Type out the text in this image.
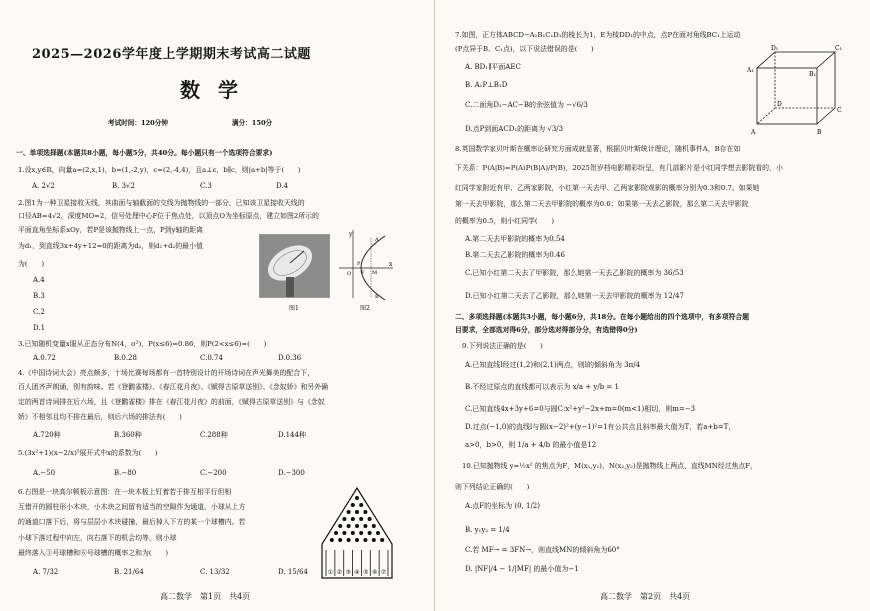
2025—2026学年度上学期期末考试高二试题
数学
考试时间：120分钟	满分：150分
一、单项选择题(本题共8小题，每小题5分，共40分。每小题只有一个选项符合要求)
1.设x,y∈R，向量a=(2,x,1)，b=(1,-2,y)，c=(2,-4,4)，且a⊥c，b∥c，则|a+b|等于(　　)
A. 2√2	B. 3√2	C.3	D.4
2.图1为一种卫星接收天线，其曲面与轴截面的交线为抛物线的一部分，已知该卫星接收天线的
口径AB=4√2，深度MO=2，信号处理中心F位于焦点处，以顶点O为坐标原点，建立如图2所示的
平面直角坐标系xOy，若P是该抛物线上一点，P到y轴的距离
为d₁，到直线3x+4y+12=0的距离为d₂，则d₁+d₂的最小值
为(　　)
A.4
B.3
C.2
D.1
图1
y
x
O F M
P
A
B
图2
3.已知随机变量x服从正态分布N(4，σ²)，P(x≤6)=0.86，则P(2<x≤6)=(　　)
A.0.72	B.0.28	C.0.74	D.0.36
4.《中国诗词大会》亮点颇多，十场比赛每场都有一首特别设计的开场诗词在声光舞美的配合下，
百人团齐声朗诵，别有韵味。若《登鹳雀楼》、《春江花月夜》、《赋得古原草送别》、《念奴娇》和另外确
定的两首诗词排在后六场，且《登鹳雀楼》排在《春江花月夜》的前面，《赋得古原草送别》与《念奴
娇》不相邻且均不排在最后，则后六场的排法有(　　)
A.720种	B.360种	C.288种	D.144种
5.(3x²+1)(x−2/x)⁵展开式中x的系数为(　　)
A.−50	B.−80	C.−200	D.−300
6.右图是一块高尔顿板示意图：在一块木板上钉着若干排互相平行但相
互错开的圆柱形小木块，小木块之间留有适当的空隙作为通道，小球从上方
的通道口落下后，将与层层小木块碰撞，最后掉入下方的某一个球槽内。若
小球下落过程中向左，向右落下的机会均等，则小球
最终落入③号球槽和⑥号球槽的概率之和为(　　)
A. 7/32	B. 21/64	C. 13/32	D. 15/64	① ② ③ ④ ⑤ ⑥ ⑦
高二数学　第1页　共4页
7.如图，正方体ABCD−A₁B₁C₁D₁的棱长为1，E为棱DD₁的中点，点P在面对角线BC₁上运动
(P点异于B、C₁点)，以下说法错误的是(　　)
A. BD₁∥平面AEC
B. A₁P⊥B₁D
C.二面角D₁−AC−B的余弦值为 −√6/3
D.点P到面ACD₁的距离为 √3/3
D₁	C₁
A₁
B₁
D
C
A	B
8.英国数学家贝叶斯在概率论研究方面成就显著，根据贝叶斯统计理论，随机事件A，B存在如
下关系：P(A|B)=P(A)P(B|A)/P(B)，2025贺岁档电影精彩纷呈，有几部影片是小红同学想去影院看的，小
红同学家附近有甲、乙两家影院，小红第一天去甲、乙两家影院观影的概率分别为0.3和0.7。如果她
第一天去甲影院，那么第二天去甲影院的概率为0.6；如果第一天去乙影院，那么第二天去甲影院
的概率为0.5，则小红同学(　　)
A.第二天去甲影院的概率为0.54
B.第二天去乙影院的概率为0.46
C.已知小红第二天去了甲影院，那么她第一天去乙影院的概率为 36/53
D.已知小红第二天去了乙影院，那么她第一天去甲影院的概率为 12/47
二、多项选择题(本题共3小题，每小题6分，共18分。在每小题给出的四个选项中，有多项符合题
目要求，全部选对得6分，部分选对得部分分，有选错得0分)
9.下列说法正确的是(　　)
A.已知直线l经过(1,2)和(2,1)两点，则l的倾斜角为 3π/4
B.不经过原点的直线都可以表示为 x/a + y/b = 1
C.已知直线4x+3y+6=0与圆C:x²+y²−2x+m=0(m<1)相切，则m=−3
D.过点(−1,0)的直线l与圆(x−2)²+(y−1)²=1有公共点且斜率最大值为T，若a+b=T，
a>0，b>0，则 1/a + 4/b 的最小值是12
10.已知抛物线 y=½x² 的焦点为F，M(x₁,y₁)，N(x₂,y₂)是抛物线上两点，直线MN经过焦点F，
则下列结论正确的(　　)
A.点F的坐标为 (0, 1/2)
B. y₁y₂ = 1/4
C.若 MF→ = 3FN→，则直线MN的倾斜角为60°
D. |NF|/4 − 1/|MF| 的最小值为−1
高二数学　第2页　共4页
